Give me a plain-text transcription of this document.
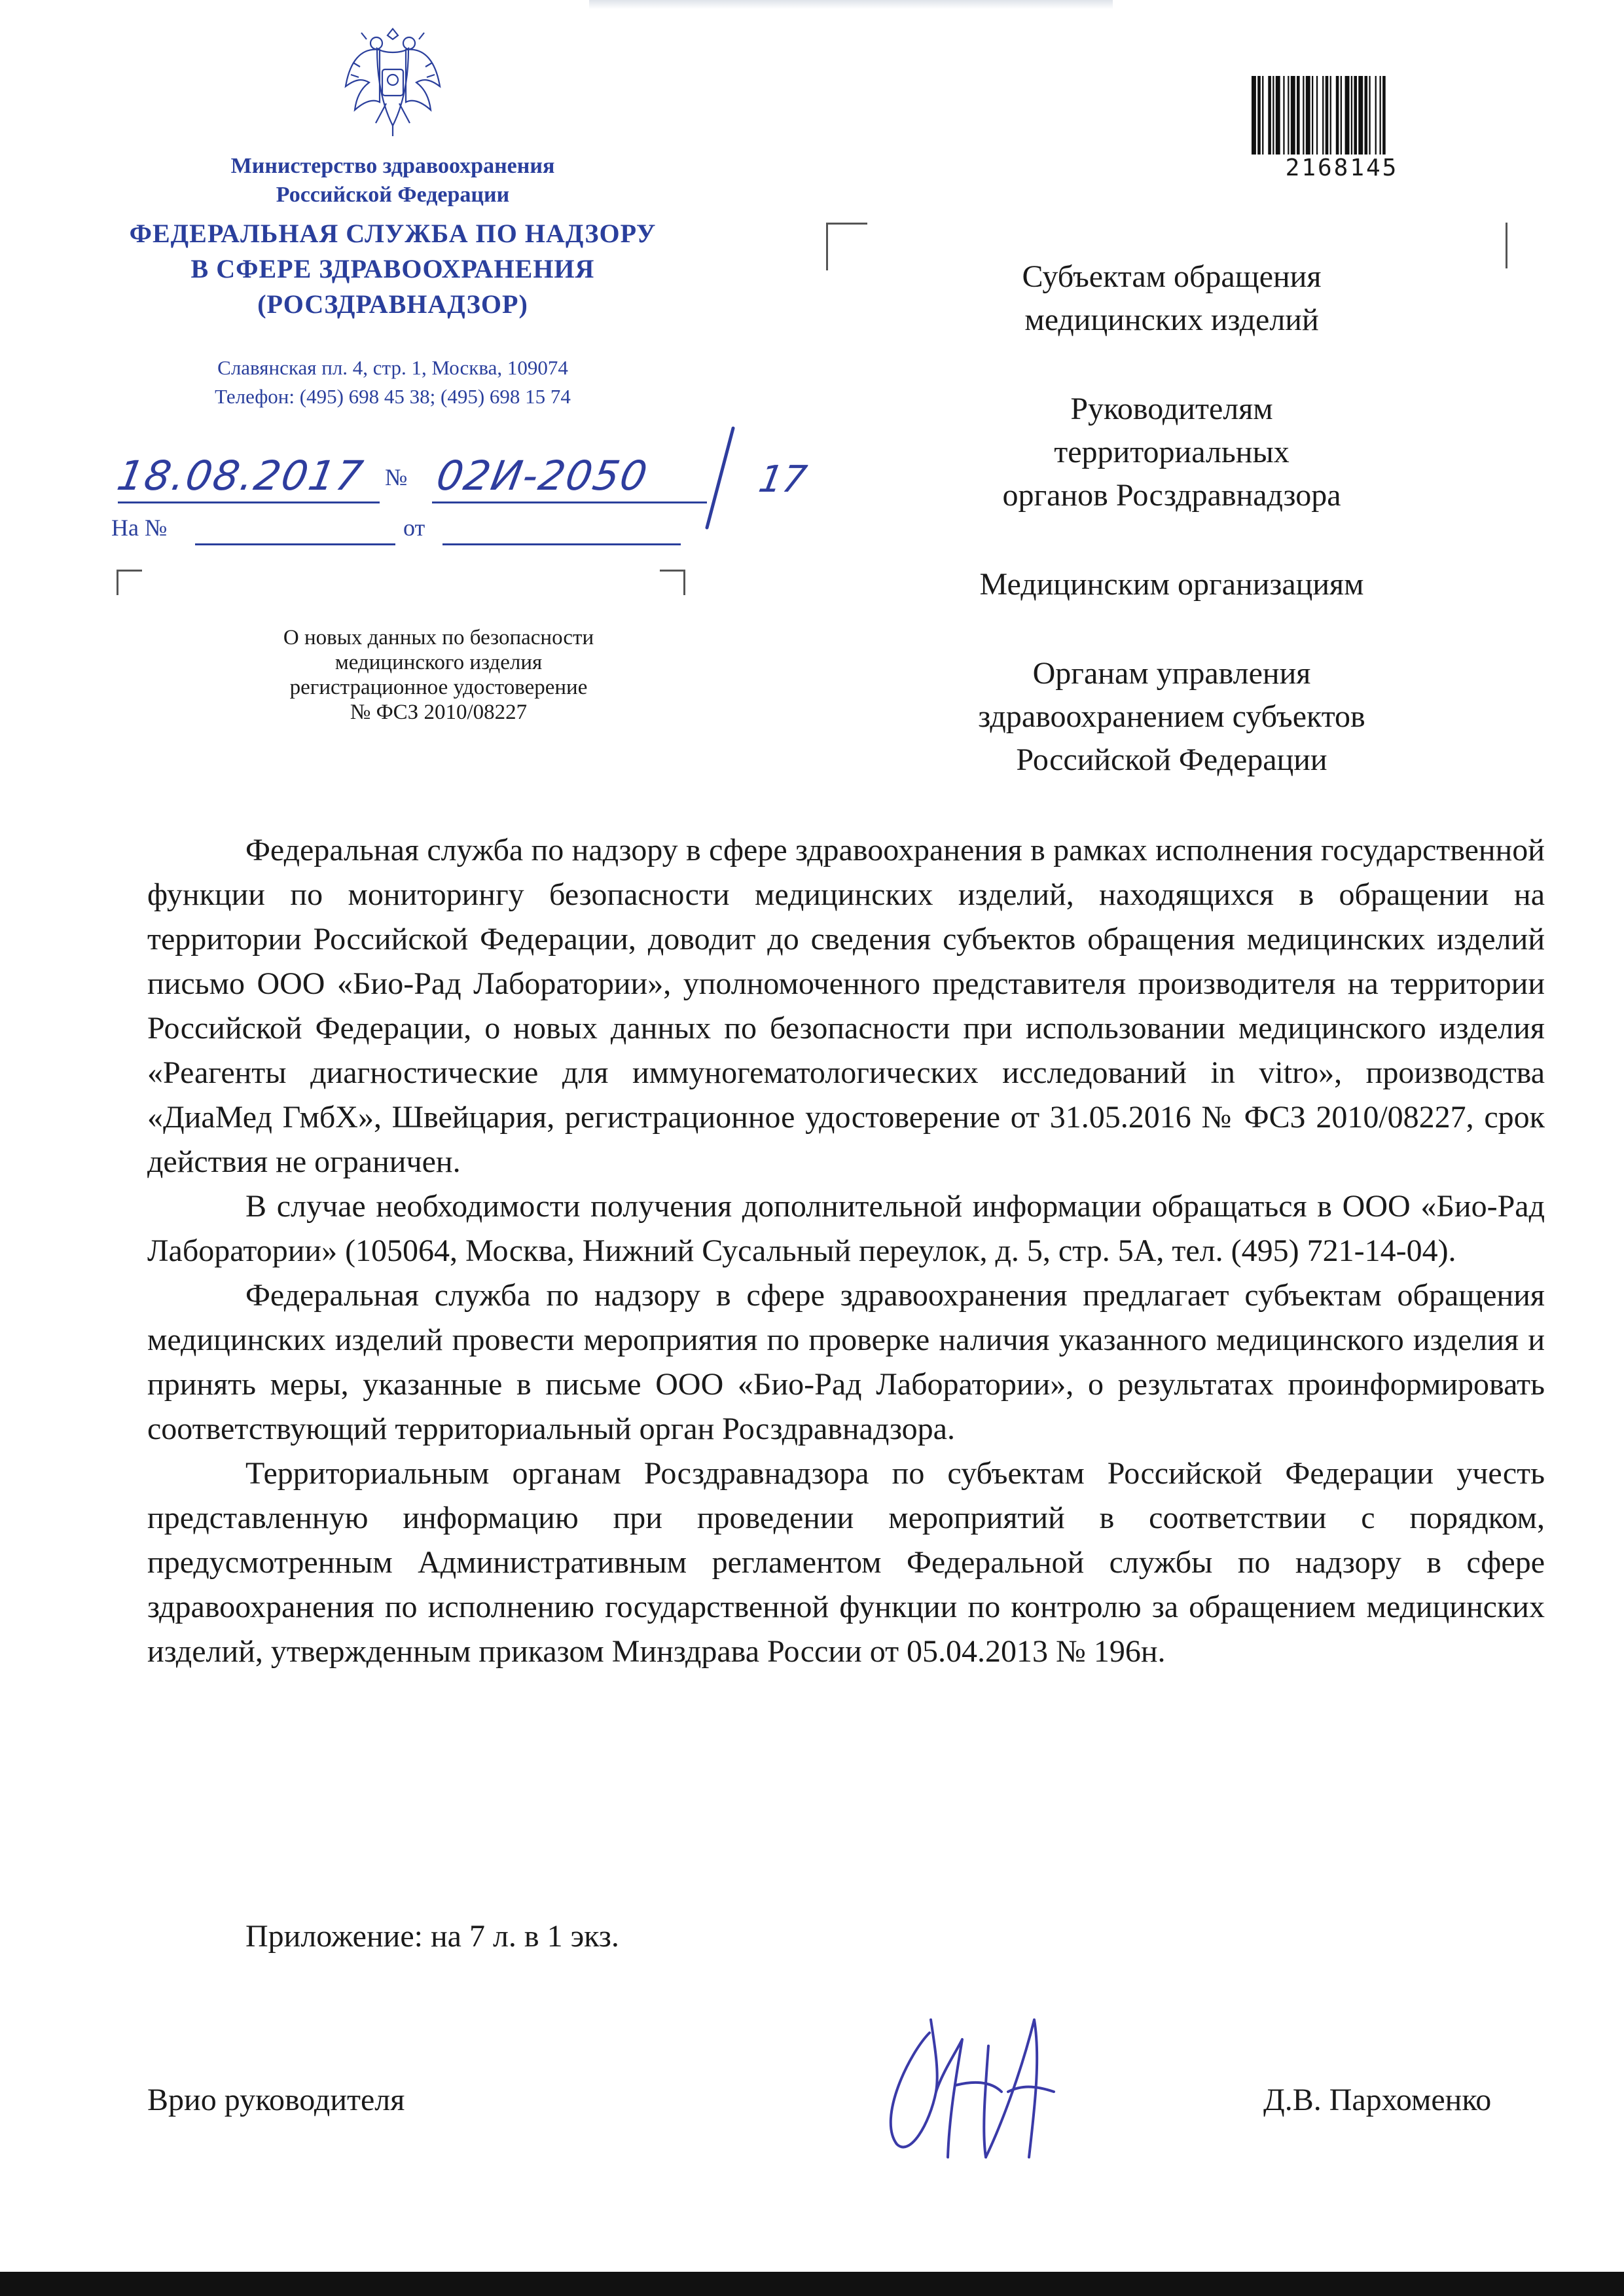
Министерство здравоохранения
Российской Федерации
ФЕДЕРАЛЬНАЯ СЛУЖБА ПО НАДЗОРУ
В СФЕРЕ ЗДРАВООХРАНЕНИЯ
(РОСЗДРАВНАДЗОР)
Славянская пл. 4, стр. 1, Москва, 109074
Телефон: (495) 698 45 38; (495) 698 15 74
18.08.2017 № 02И-2050	17
На №	от
О новых данных по безопасности
медицинского изделия
регистрационное удостоверение
№ ФСЗ 2010/08227
2168145

Субъектам обращения
медицинских изделий

Руководителям
территориальных
органов Росздравнадзора

Медицинским организациям

Органам управления
здравоохранением субъектов
Российской Федерации

Федеральная служба по надзору в сфере здравоохранения в рамках исполнения государственной функции по мониторингу безопасности медицинских изделий, находящихся в обращении на территории Российской Федерации, доводит до сведения субъектов обращения медицинских изделий письмо ООО «Био-Рад Лаборатории», уполномоченного представителя производителя на территории Российской Федерации, о новых данных по безопасности при использовании медицинского изделия «Реагенты диагностические для иммуногематологических исследований in vitro», производства «ДиаМед ГмбХ», Швейцария, регистрационное удостоверение от 31.05.2016 № ФСЗ 2010/08227, срок действия не ограничен.

В случае необходимости получения дополнительной информации обращаться в ООО «Био-Рад Лаборатории» (105064, Москва, Нижний Сусальный переулок, д. 5, стр. 5А, тел. (495) 721-14-04).

Федеральная служба по надзору в сфере здравоохранения предлагает субъектам обращения медицинских изделий провести мероприятия по проверке наличия указанного медицинского изделия и принять меры, указанные в письме ООО «Био-Рад Лаборатории», о результатах проинформировать соответствующий территориальный орган Росздравнадзора.

Территориальным органам Росздравнадзора по субъектам Российской Федерации учесть представленную информацию при проведении мероприятий в соответствии с порядком, предусмотренным Административным регламентом Федеральной службы по надзору в сфере здравоохранения по исполнению государственной функции по контролю за обращением медицинских изделий, утвержденным приказом Минздрава России от 05.04.2013 № 196н.

Приложение: на 7 л. в 1 экз.
Врио руководителя	Д.В. Пархоменко
